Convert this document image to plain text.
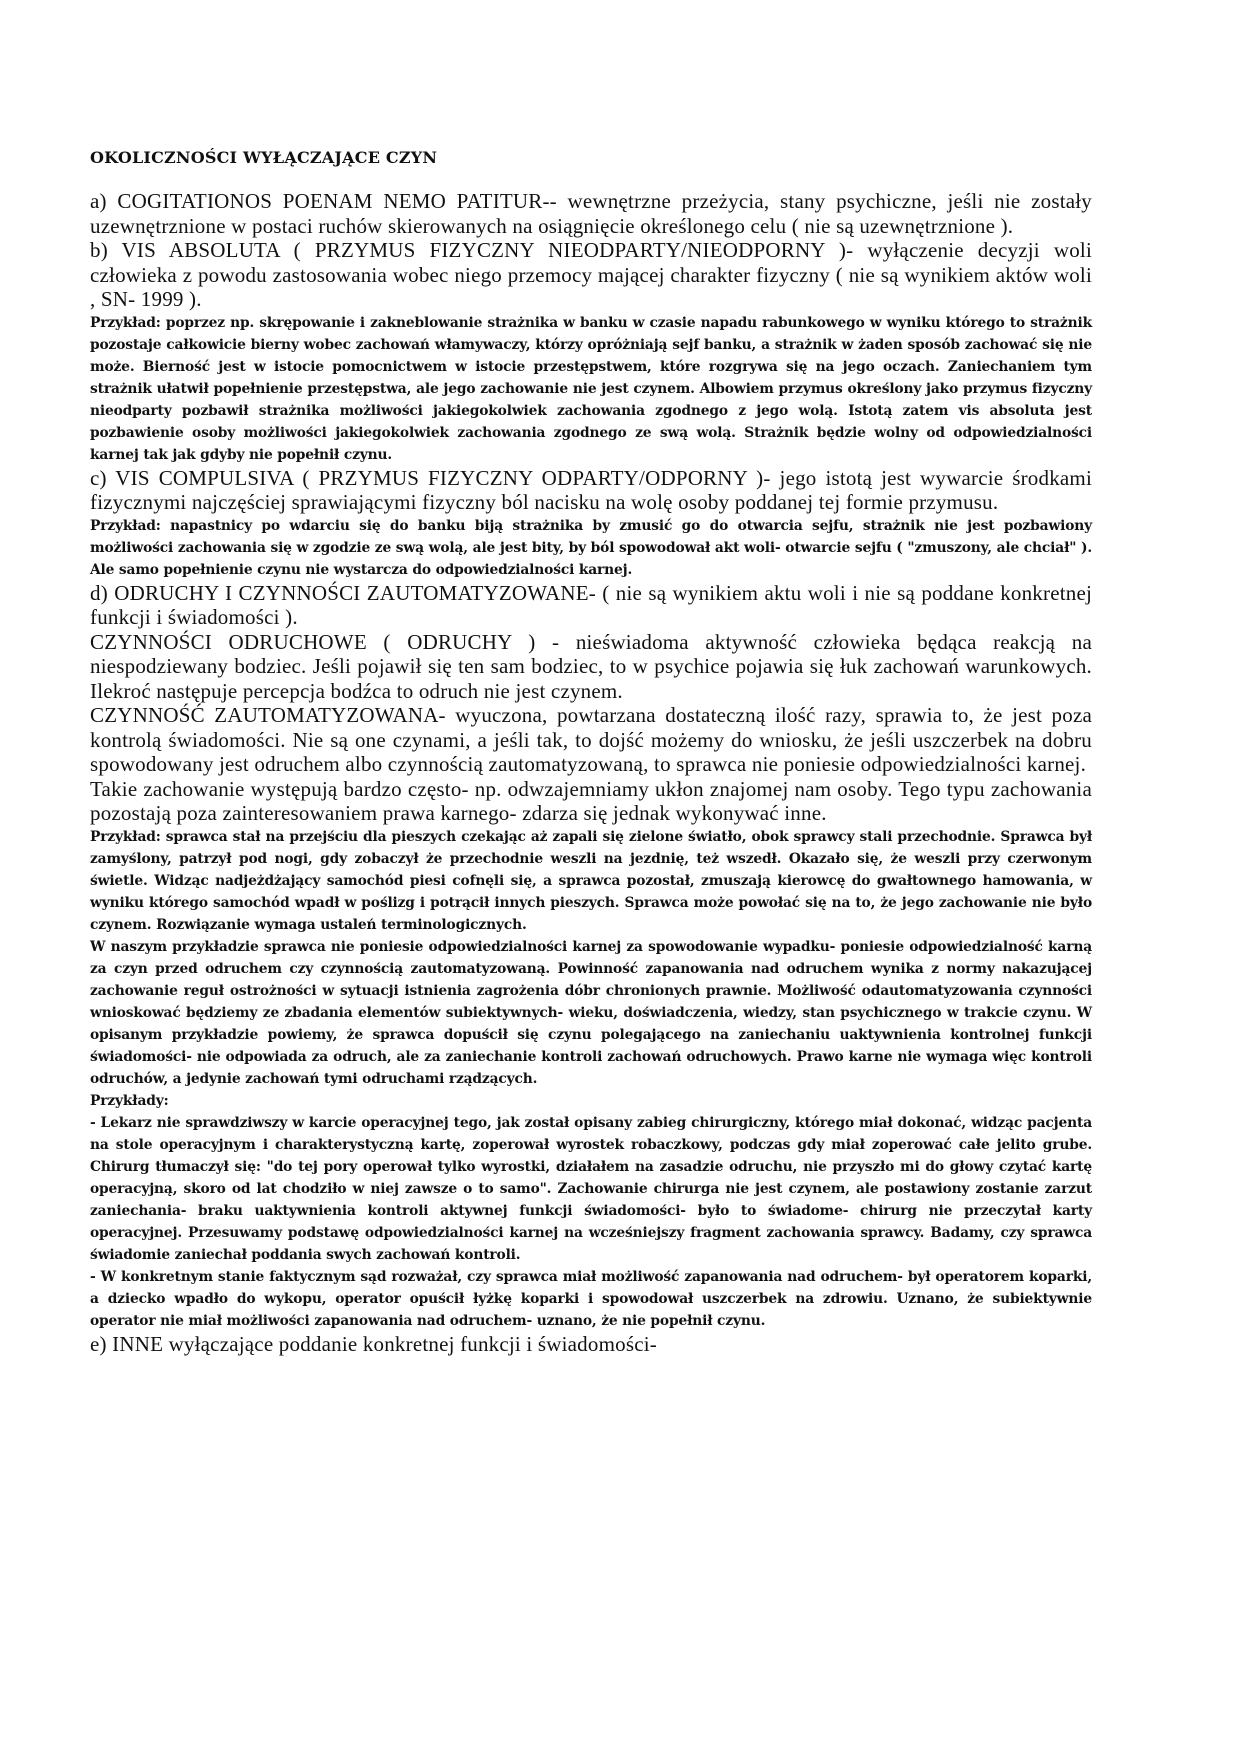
OKOLICZNOŚCI WYŁĄCZAJĄCE CZYN

a) COGITATIONOS POENAM NEMO PATITUR-- wewnętrzne przeżycia, stany psychiczne, jeśli nie zostały uzewnętrznione w postaci ruchów skierowanych na osiągnięcie określonego celu ( nie są uzewnętrznione ).

b) VIS ABSOLUTA ( PRZYMUS FIZYCZNY NIEODPARTY/NIEODPORNY )- wyłączenie decyzji woli człowieka z powodu zastosowania wobec niego przemocy mającej charakter fizyczny ( nie są wynikiem aktów woli , SN- 1999 ).

Przykład: poprzez np. skrępowanie i zakneblowanie strażnika w banku w czasie napadu rabunkowego w wyniku którego to strażnik pozostaje całkowicie bierny wobec zachowań włamywaczy, którzy opróżniają sejf banku, a strażnik w żaden sposób zachować się nie może. Bierność jest w istocie pomocnictwem w istocie przestępstwem, które rozgrywa się na jego oczach. Zaniechaniem tym strażnik ułatwił popełnienie przestępstwa, ale jego zachowanie nie jest czynem. Albowiem przymus określony jako przymus fizyczny nieodparty pozbawił strażnika możliwości jakiegokolwiek zachowania zgodnego z jego wolą. Istotą zatem vis absoluta jest pozbawienie osoby możliwości jakiegokolwiek zachowania zgodnego ze swą wolą. Strażnik będzie wolny od odpowiedzialności karnej tak jak gdyby nie popełnił czynu.

c) VIS COMPULSIVA ( PRZYMUS FIZYCZNY ODPARTY/ODPORNY )- jego istotą jest wywarcie środkami fizycznymi najczęściej sprawiającymi fizyczny ból nacisku na wolę osoby poddanej tej formie przymusu.

Przykład: napastnicy po wdarciu się do banku biją strażnika by zmusić go do otwarcia sejfu, strażnik nie jest pozbawiony możliwości zachowania się w zgodzie ze swą wolą, ale jest bity, by ból spowodował akt woli- otwarcie sejfu ( "zmuszony, ale chciał" ). Ale samo popełnienie czynu nie wystarcza do odpowiedzialności karnej.

d) ODRUCHY I CZYNNOŚCI ZAUTOMATYZOWANE- ( nie są wynikiem aktu woli i nie są poddane konkretnej funkcji i świadomości ).

CZYNNOŚCI ODRUCHOWE ( ODRUCHY ) - nieświadoma aktywność człowieka będąca reakcją na niespodziewany bodziec. Jeśli pojawił się ten sam bodziec, to w psychice pojawia się łuk zachowań warunkowych. Ilekroć następuje percepcja bodźca to odruch nie jest czynem.

CZYNNOŚĆ ZAUTOMATYZOWANA- wyuczona, powtarzana dostateczną ilość razy, sprawia to, że jest poza kontrolą świadomości. Nie są one czynami, a jeśli tak, to dojść możemy do wniosku, że jeśli uszczerbek na dobru spowodowany jest odruchem albo czynnością zautomatyzowaną, to sprawca nie poniesie odpowiedzialności karnej.

Takie zachowanie występują bardzo często- np. odwzajemniamy ukłon znajomej nam osoby. Tego typu zachowania pozostają poza zainteresowaniem prawa karnego- zdarza się jednak wykonywać inne.

Przykład: sprawca stał na przejściu dla pieszych czekając aż zapali się zielone światło, obok sprawcy stali przechodnie. Sprawca był zamyślony, patrzył pod nogi, gdy zobaczył że przechodnie weszli na jezdnię, też wszedł. Okazało się, że weszli przy czerwonym świetle. Widząc nadjeżdżający samochód piesi cofnęli się, a sprawca pozostał, zmuszają kierowcę do gwałtownego hamowania, w wyniku którego samochód wpadł w poślizg i potrącił innych pieszych. Sprawca może powołać się na to, że jego zachowanie nie było czynem. Rozwiązanie wymaga ustaleń terminologicznych.

W naszym przykładzie sprawca nie poniesie odpowiedzialności karnej za spowodowanie wypadku- poniesie odpowiedzialność karną za czyn przed odruchem czy czynnością zautomatyzowaną. Powinność zapanowania nad odruchem wynika z normy nakazującej zachowanie reguł ostrożności w sytuacji istnienia zagrożenia dóbr chronionych prawnie. Możliwość odautomatyzowania czynności wnioskować będziemy ze zbadania elementów subiektywnych- wieku, doświadczenia, wiedzy, stan psychicznego w trakcie czynu. W opisanym przykładzie powiemy, że sprawca dopuścił się czynu polegającego na zaniechaniu uaktywnienia kontrolnej funkcji świadomości- nie odpowiada za odruch, ale za zaniechanie kontroli zachowań odruchowych. Prawo karne nie wymaga więc kontroli odruchów, a jedynie zachowań tymi odruchami rządzących.

Przykłady:

- Lekarz nie sprawdziwszy w karcie operacyjnej tego, jak został opisany zabieg chirurgiczny, którego miał dokonać, widząc pacjenta na stole operacyjnym i charakterystyczną kartę, zoperował wyrostek robaczkowy, podczas gdy miał zoperować całe jelito grube. Chirurg tłumaczył się: "do tej pory operował tylko wyrostki, działałem na zasadzie odruchu, nie przyszło mi do głowy czytać kartę operacyjną, skoro od lat chodziło w niej zawsze o to samo". Zachowanie chirurga nie jest czynem, ale postawiony zostanie zarzut zaniechania- braku uaktywnienia kontroli aktywnej funkcji świadomości- było to świadome- chirurg nie przeczytał karty operacyjnej. Przesuwamy podstawę odpowiedzialności karnej na wcześniejszy fragment zachowania sprawcy. Badamy, czy sprawca świadomie zaniechał poddania swych zachowań kontroli.

- W konkretnym stanie faktycznym sąd rozważał, czy sprawca miał możliwość zapanowania nad odruchem- był operatorem koparki, a dziecko wpadło do wykopu, operator opuścił łyżkę koparki i spowodował uszczerbek na zdrowiu. Uznano, że subiektywnie operator nie miał możliwości zapanowania nad odruchem- uznano, że nie popełnił czynu.

e) INNE wyłączające poddanie konkretnej funkcji i świadomości-
